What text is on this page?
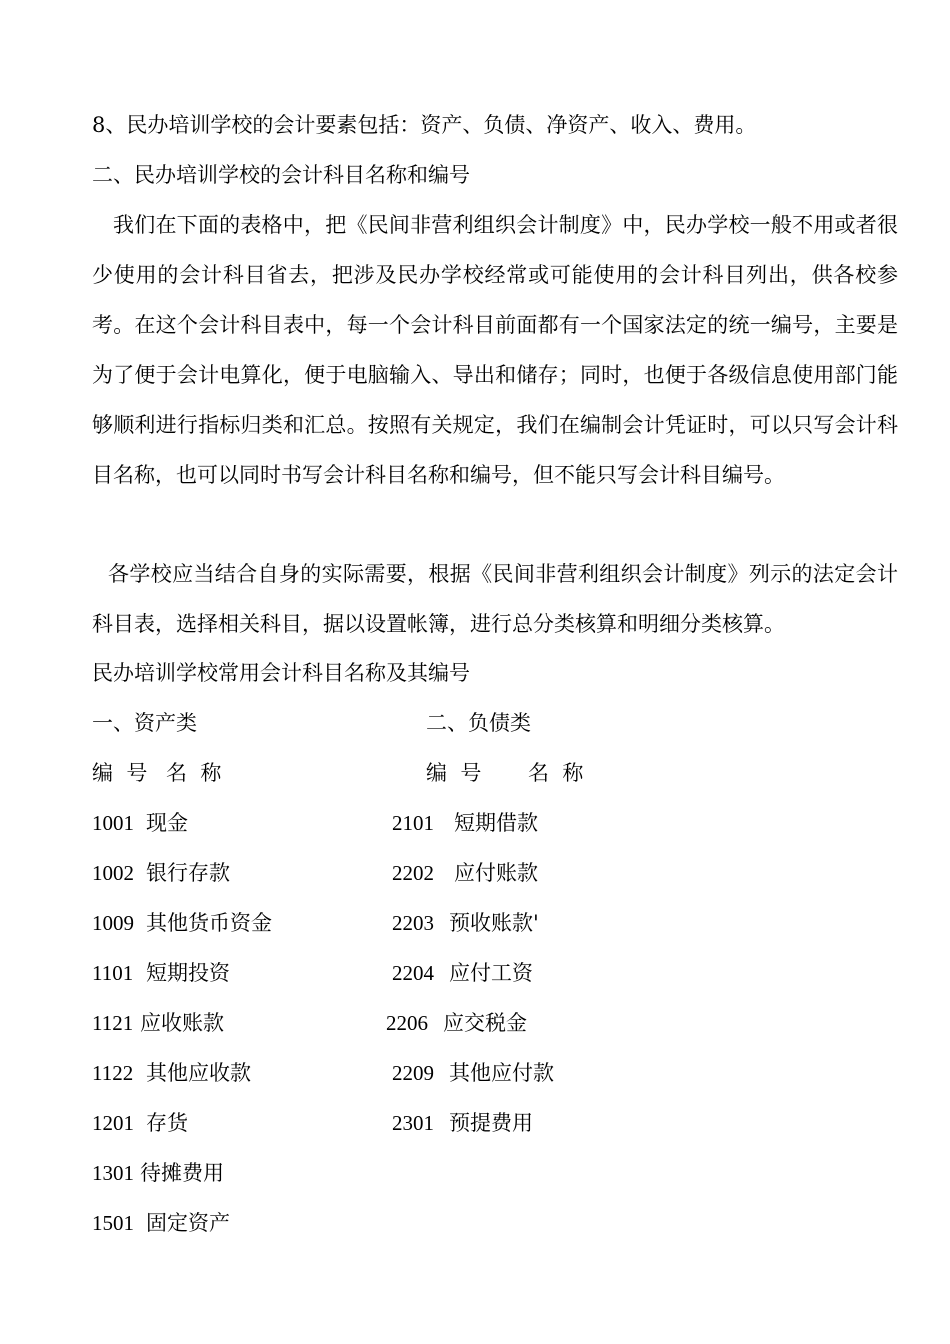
8、民办培训学校的会计要素包括：资产、负债、净资产、收入、费用。
二、民办培训学校的会计科目名称和编号

我们在下面的表格中，把《民间非营利组织会计制度》中，民办学校一般不用或者很少使用的会计科目省去，把涉及民办学校经常或可能使用的会计科目列出，供各校参考。在这个会计科目表中，每一个会计科目前面都有一个国家法定的统一编号，主要是为了便于会计电算化，便于电脑输入、导出和储存；同时，也便于各级信息使用部门能够顺利进行指标归类和汇总。按照有关规定，我们在编制会计凭证时，可以只写会计科目名称，也可以同时书写会计科目名称和编号，但不能只写会计科目编号。

各学校应当结合自身的实际需要，根据《民间非营利组织会计制度》列示的法定会计科目表，选择相关科目，据以设置帐簿，进行总分类核算和明细分类核算。

民办培训学校常用会计科目名称及其编号
一、资产类	二、负债类
编  号 名  称	编  号 名  称
1001 现金
1002 银行存款
1009 其他货币资金
1101 短期投资
1121 应收账款
1122 其他应收款
1201 存货
1301 待摊费用
1501 固定资产
2101 短期借款
2202 应付账款
2203 预收账款'
2204 应付工资
2206 应交税金
2209 其他应付款
2301 预提费用
